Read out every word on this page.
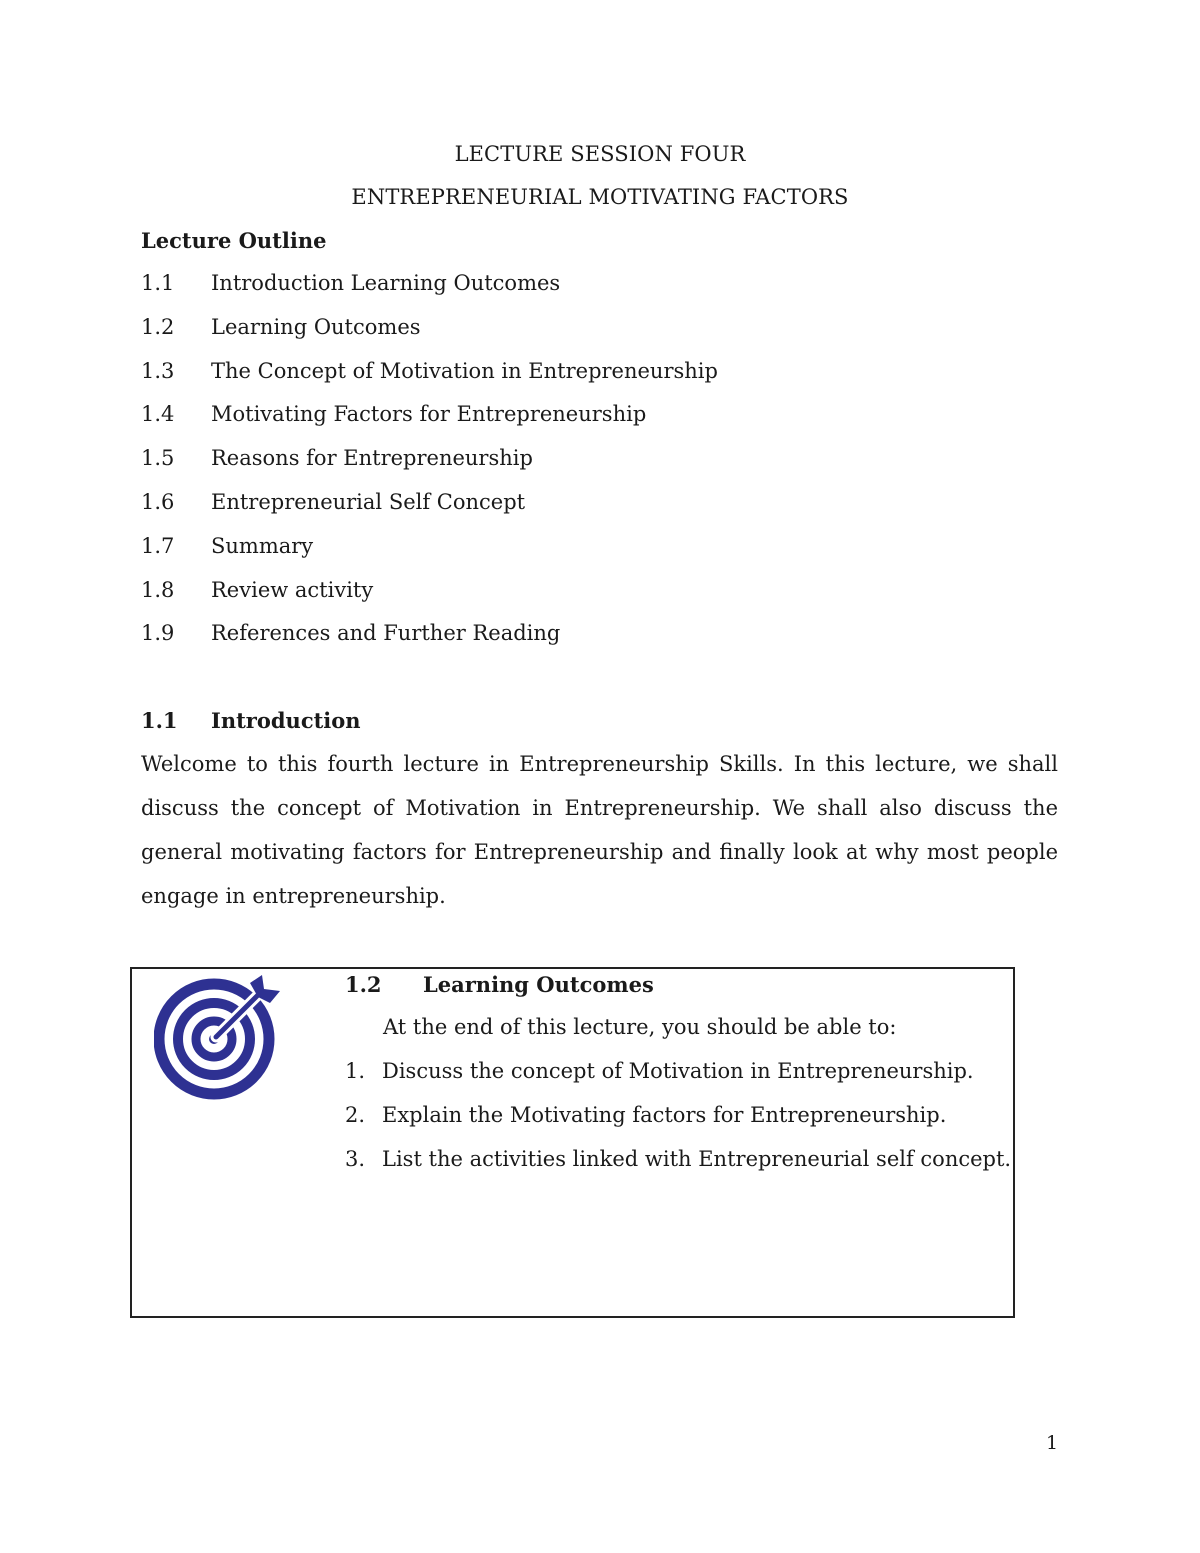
LECTURE SESSION FOUR
ENTREPRENEURIAL MOTIVATING FACTORS
Lecture Outline
1.1 Introduction Learning Outcomes
1.2 Learning Outcomes
1.3 The Concept of Motivation in Entrepreneurship
1.4 Motivating Factors for Entrepreneurship
1.5 Reasons for Entrepreneurship
1.6 Entrepreneurial Self Concept
1.7 Summary
1.8 Review activity
1.9 References and Further Reading
1.1 Introduction

Welcome to this fourth lecture in Entrepreneurship Skills. In this lecture, we shall discuss the concept of Motivation in Entrepreneurship. We shall also discuss the general motivating factors for Entrepreneurship and finally look at why most people engage in entrepreneurship.

1.2 Learning Outcomes
At the end of this lecture, you should be able to:
1. Discuss the concept of Motivation in Entrepreneurship.
2. Explain the Motivating factors for Entrepreneurship.
3. List the activities linked with Entrepreneurial self concept.
1
